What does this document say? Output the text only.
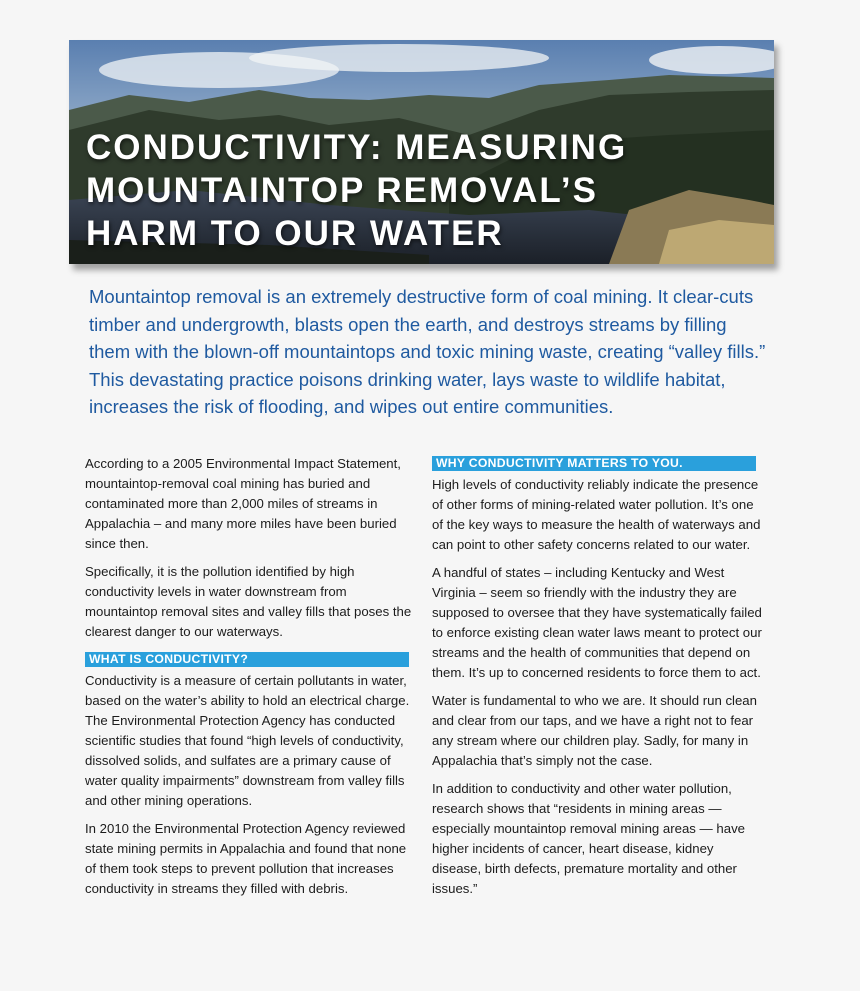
CONDUCTIVITY: MEASURING
MOUNTAINTOP REMOVAL’S
HARM TO OUR WATER

Mountaintop removal is an extremely destructive form of coal mining. It clear-cuts timber and undergrowth, blasts open the earth, and destroys streams by filling them with the blown-off mountaintops and toxic mining waste, creating “valley fills.” This devastating practice poisons drinking water, lays waste to wildlife habitat, increases the risk of flooding, and wipes out entire communities.

According to a 2005 Environmental Impact Statement, mountaintop-removal coal mining has buried and contaminated more than 2,000 miles of streams in Appalachia – and many more miles have been buried since then.

Specifically, it is the pollution identified by high conductivity levels in water downstream from mountaintop removal sites and valley fills that poses the clearest danger to our waterways.

WHAT IS CONDUCTIVITY?

Conductivity is a measure of certain pollutants in water, based on the water’s ability to hold an electrical charge. The Environmental Protection Agency has conducted scientific studies that found “high levels of conductivity, dissolved solids, and sulfates are a primary cause of water quality impairments” downstream from valley fills and other mining operations.

In 2010 the Environmental Protection Agency reviewed state mining permits in Appalachia and found that none of them took steps to prevent pollution that increases conductivity in streams they filled with debris.

WHY CONDUCTIVITY MATTERS TO YOU.

High levels of conductivity reliably indicate the presence of other forms of mining-related water pollution. It’s one of the key ways to measure the health of waterways and can point to other safety concerns related to our water.

A handful of states – including Kentucky and West Virginia – seem so friendly with the industry they are supposed to oversee that they have systematically failed to enforce existing clean water laws meant to protect our streams and the health of communities that depend on them. It’s up to concerned residents to force them to act.

Water is fundamental to who we are. It should run clean and clear from our taps, and we have a right not to fear any stream where our children play. Sadly, for many in Appalachia that’s simply not the case.

In addition to conductivity and other water pollution, research shows that “residents in mining areas — especially mountaintop removal mining areas — have higher incidents of cancer, heart disease, kidney disease, birth defects, premature mortality and other issues.”
